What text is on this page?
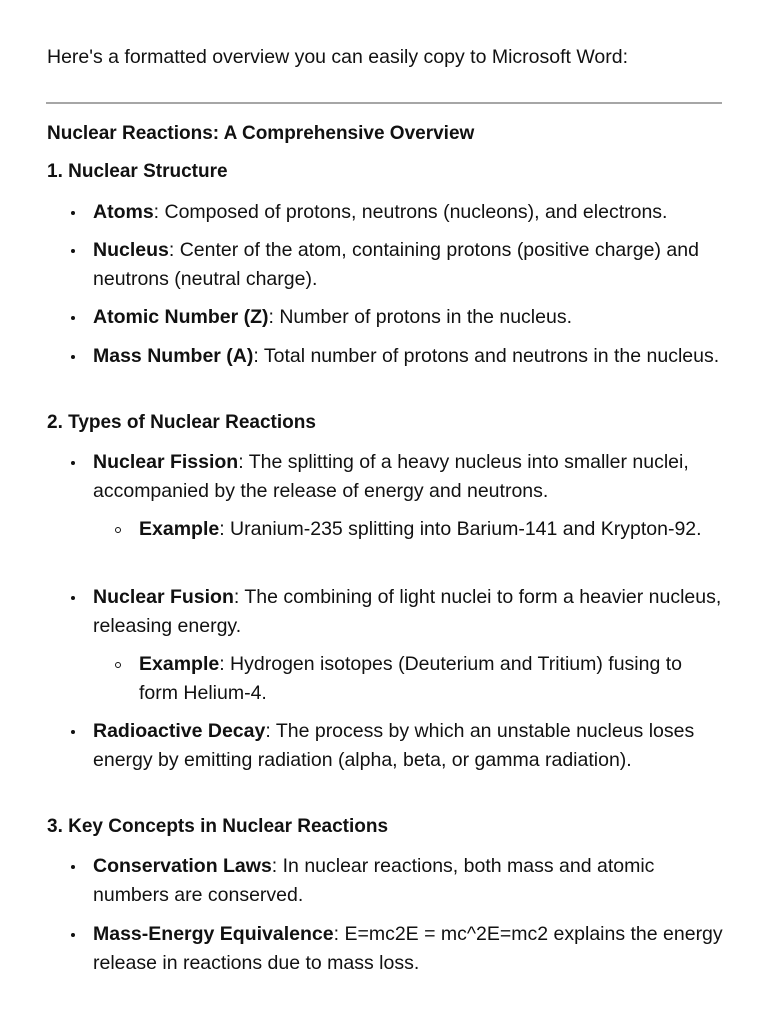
Here's a formatted overview you can easily copy to Microsoft Word:
Nuclear Reactions: A Comprehensive Overview
1. Nuclear Structure
Atoms: Composed of protons, neutrons (nucleons), and electrons.
Nucleus: Center of the atom, containing protons (positive charge) and neutrons (neutral charge).
Atomic Number (Z): Number of protons in the nucleus.
Mass Number (A): Total number of protons and neutrons in the nucleus.
2. Types of Nuclear Reactions
Nuclear Fission: The splitting of a heavy nucleus into smaller nuclei, accompanied by the release of energy and neutrons.
Example: Uranium-235 splitting into Barium-141 and Krypton-92.
Nuclear Fusion: The combining of light nuclei to form a heavier nucleus, releasing energy.
Example: Hydrogen isotopes (Deuterium and Tritium) fusing to form Helium-4.
Radioactive Decay: The process by which an unstable nucleus loses energy by emitting radiation (alpha, beta, or gamma radiation).
3. Key Concepts in Nuclear Reactions
Conservation Laws: In nuclear reactions, both mass and atomic numbers are conserved.
Mass-Energy Equivalence: E=mc2E = mc^2E=mc2 explains the energy release in reactions due to mass loss.
